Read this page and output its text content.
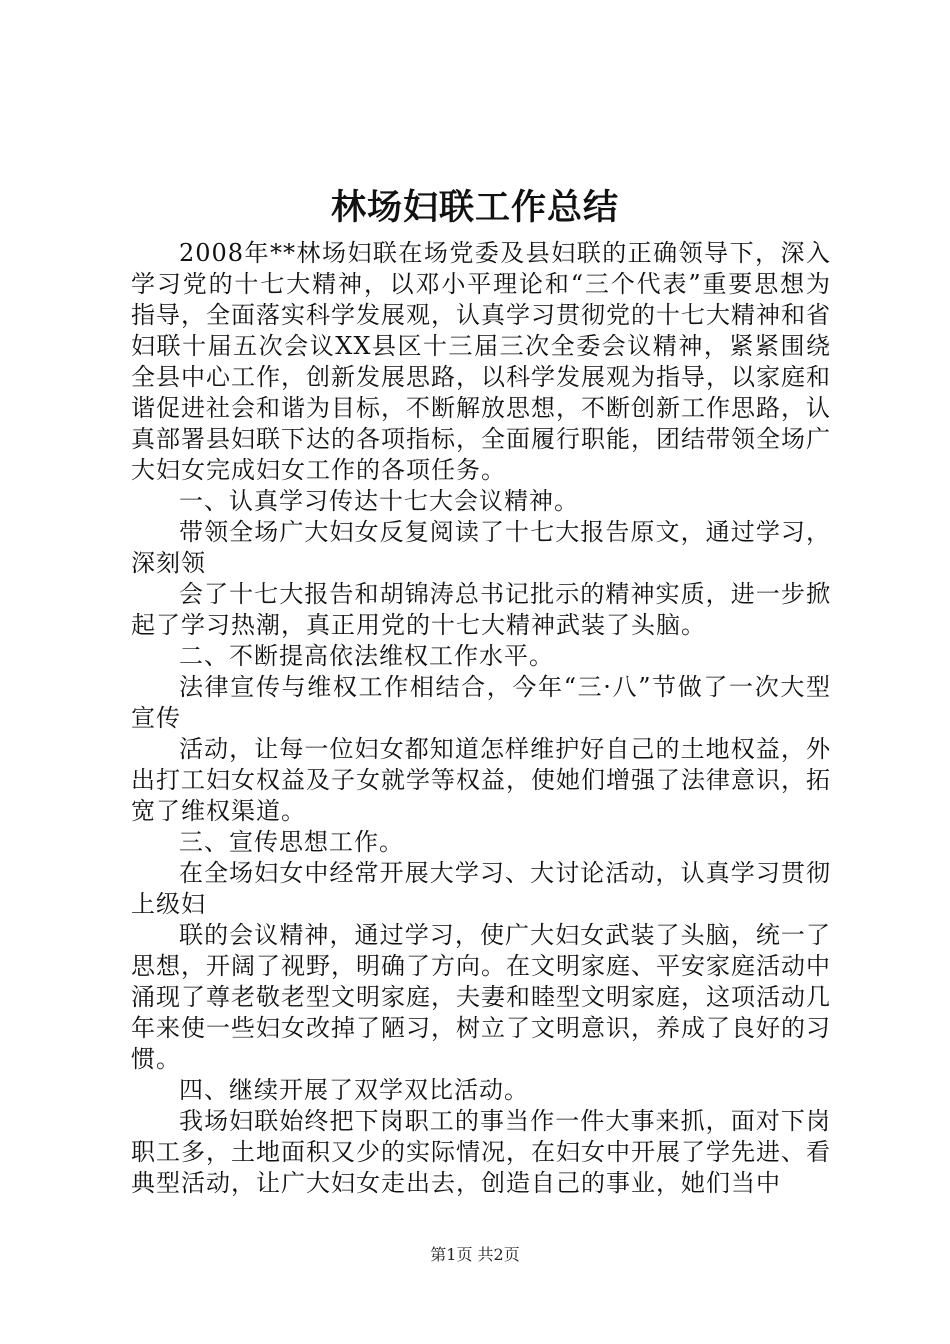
林场妇联工作总结

2008年**林场妇联在场党委及县妇联的正确领导下，深入学习党的十七大精神，以邓小平理论和“三个代表”重要思想为指导，全面落实科学发展观，认真学习贯彻党的十七大精神和省妇联十届五次会议XX县区十三届三次全委会议精神，紧紧围绕全县中心工作，创新发展思路，以科学发展观为指导，以家庭和谐促进社会和谐为目标，不断解放思想，不断创新工作思路，认真部署县妇联下达的各项指标，全面履行职能，团结带领全场广大妇女完成妇女工作的各项任务。

一、认真学习传达十七大会议精神。

带领全场广大妇女反复阅读了十七大报告原文，通过学习，深刻领

会了十七大报告和胡锦涛总书记批示的精神实质，进一步掀起了学习热潮，真正用党的十七大精神武装了头脑。

二、不断提高依法维权工作水平。

法律宣传与维权工作相结合，今年“三·八”节做了一次大型宣传

活动，让每一位妇女都知道怎样维护好自己的土地权益，外出打工妇女权益及子女就学等权益，使她们增强了法律意识，拓宽了维权渠道。

三、宣传思想工作。

在全场妇女中经常开展大学习、大讨论活动，认真学习贯彻上级妇

联的会议精神，通过学习，使广大妇女武装了头脑，统一了思想，开阔了视野，明确了方向。在文明家庭、平安家庭活动中涌现了尊老敬老型文明家庭，夫妻和睦型文明家庭，这项活动几年来使一些妇女改掉了陋习，树立了文明意识，养成了良好的习惯。

四、继续开展了双学双比活动。

我场妇联始终把下岗职工的事当作一件大事来抓，面对下岗职工多，土地面积又少的实际情况，在妇女中开展了学先进、看典型活动，让广大妇女走出去，创造自己的事业，她们当中

第1页 共2页
